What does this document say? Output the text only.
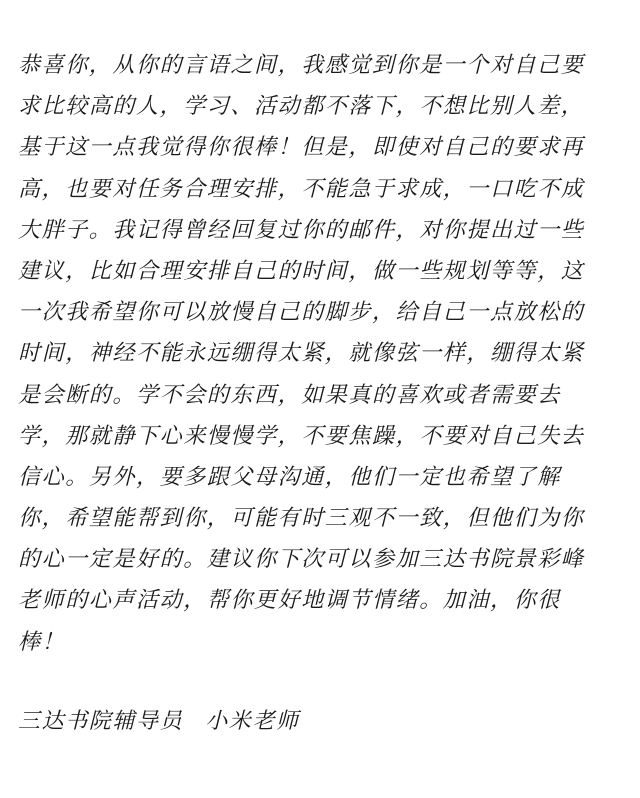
恭喜你，从你的言语之间，我感觉到你是一个对自己要
求比较高的人，学习、活动都不落下，不想比别人差，
基于这一点我觉得你很棒！但是，即使对自己的要求再
高，也要对任务合理安排，不能急于求成，一口吃不成
大胖子。我记得曾经回复过你的邮件，对你提出过一些
建议，比如合理安排自己的时间，做一些规划等等，这
一次我希望你可以放慢自己的脚步，给自己一点放松的
时间，神经不能永远绷得太紧，就像弦一样，绷得太紧
是会断的。学不会的东西，如果真的喜欢或者需要去
学，那就静下心来慢慢学，不要焦躁，不要对自己失去
信心。另外，要多跟父母沟通，他们一定也希望了解
你，希望能帮到你，可能有时三观不一致，但他们为你
的心一定是好的。建议你下次可以参加三达书院景彩峰
老师的心声活动，帮你更好地调节情绪。加油，你很
棒！
三达书院辅导员 小米老师
